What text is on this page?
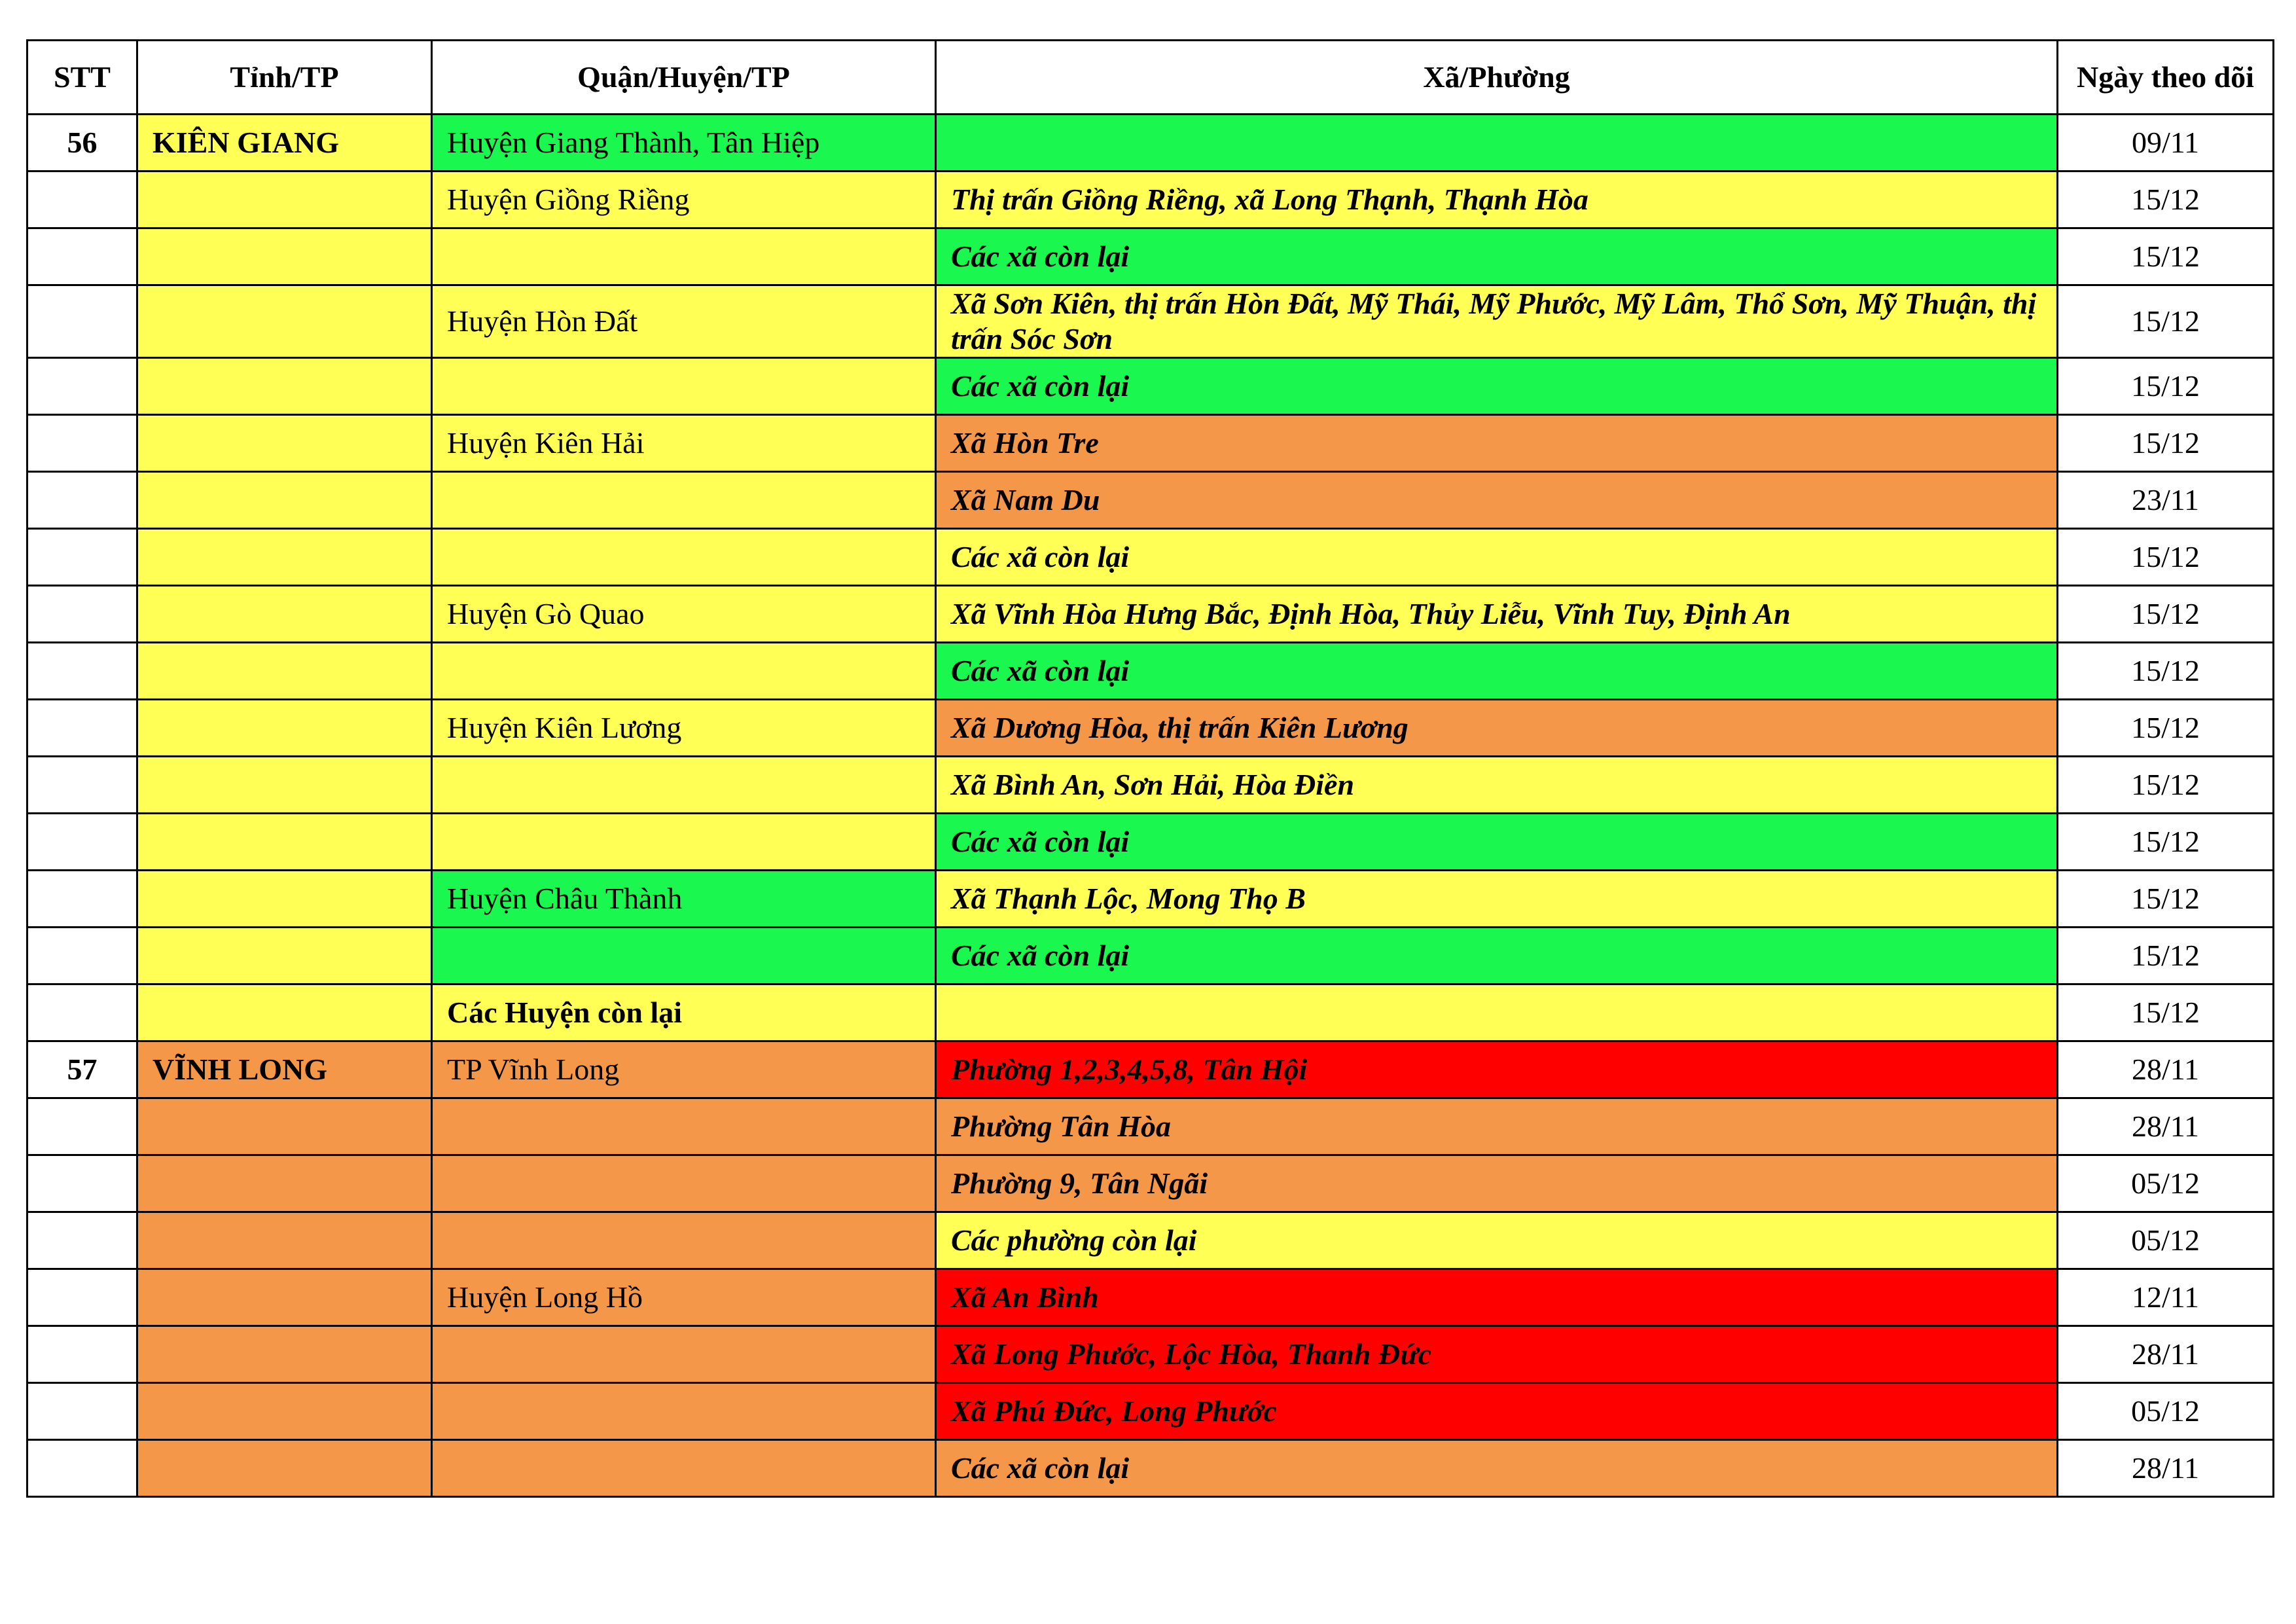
STT	Tỉnh/TP	Quận/Huyện/TP	Xã/Phường	Ngày theo dõi
56	KIÊN GIANG	Huyện Giang Thành, Tân Hiệp		09/11
		Huyện Giồng Riềng	Thị trấn Giồng Riềng, xã Long Thạnh, Thạnh Hòa	15/12
			Các xã còn lại	15/12
		Huyện Hòn Đất	Xã Sơn Kiên, thị trấn Hòn Đất, Mỹ Thái, Mỹ Phước, Mỹ Lâm, Thổ Sơn, Mỹ Thuận, thị trấn Sóc Sơn	15/12
			Các xã còn lại	15/12
		Huyện Kiên Hải	Xã Hòn Tre	15/12
			Xã Nam Du	23/11
			Các xã còn lại	15/12
		Huyện Gò Quao	Xã Vĩnh Hòa Hưng Bắc, Định Hòa, Thủy Liễu, Vĩnh Tuy, Định An	15/12
			Các xã còn lại	15/12
		Huyện Kiên Lương	Xã Dương Hòa, thị trấn Kiên Lương	15/12
			Xã Bình An, Sơn Hải, Hòa Điền	15/12
			Các xã còn lại	15/12
		Huyện Châu Thành	Xã Thạnh Lộc, Mong Thọ B	15/12
			Các xã còn lại	15/12
		Các Huyện còn lại		15/12
57	VĨNH LONG	TP Vĩnh Long	Phường 1,2,3,4,5,8, Tân Hội	28/11
			Phường Tân Hòa	28/11
			Phường 9, Tân Ngãi	05/12
			Các phường còn lại	05/12
		Huyện Long Hồ	Xã An Bình	12/11
			Xã Long Phước, Lộc Hòa, Thanh Đức	28/11
			Xã Phú Đức, Long Phước	05/12
			Các xã còn lại	28/11
